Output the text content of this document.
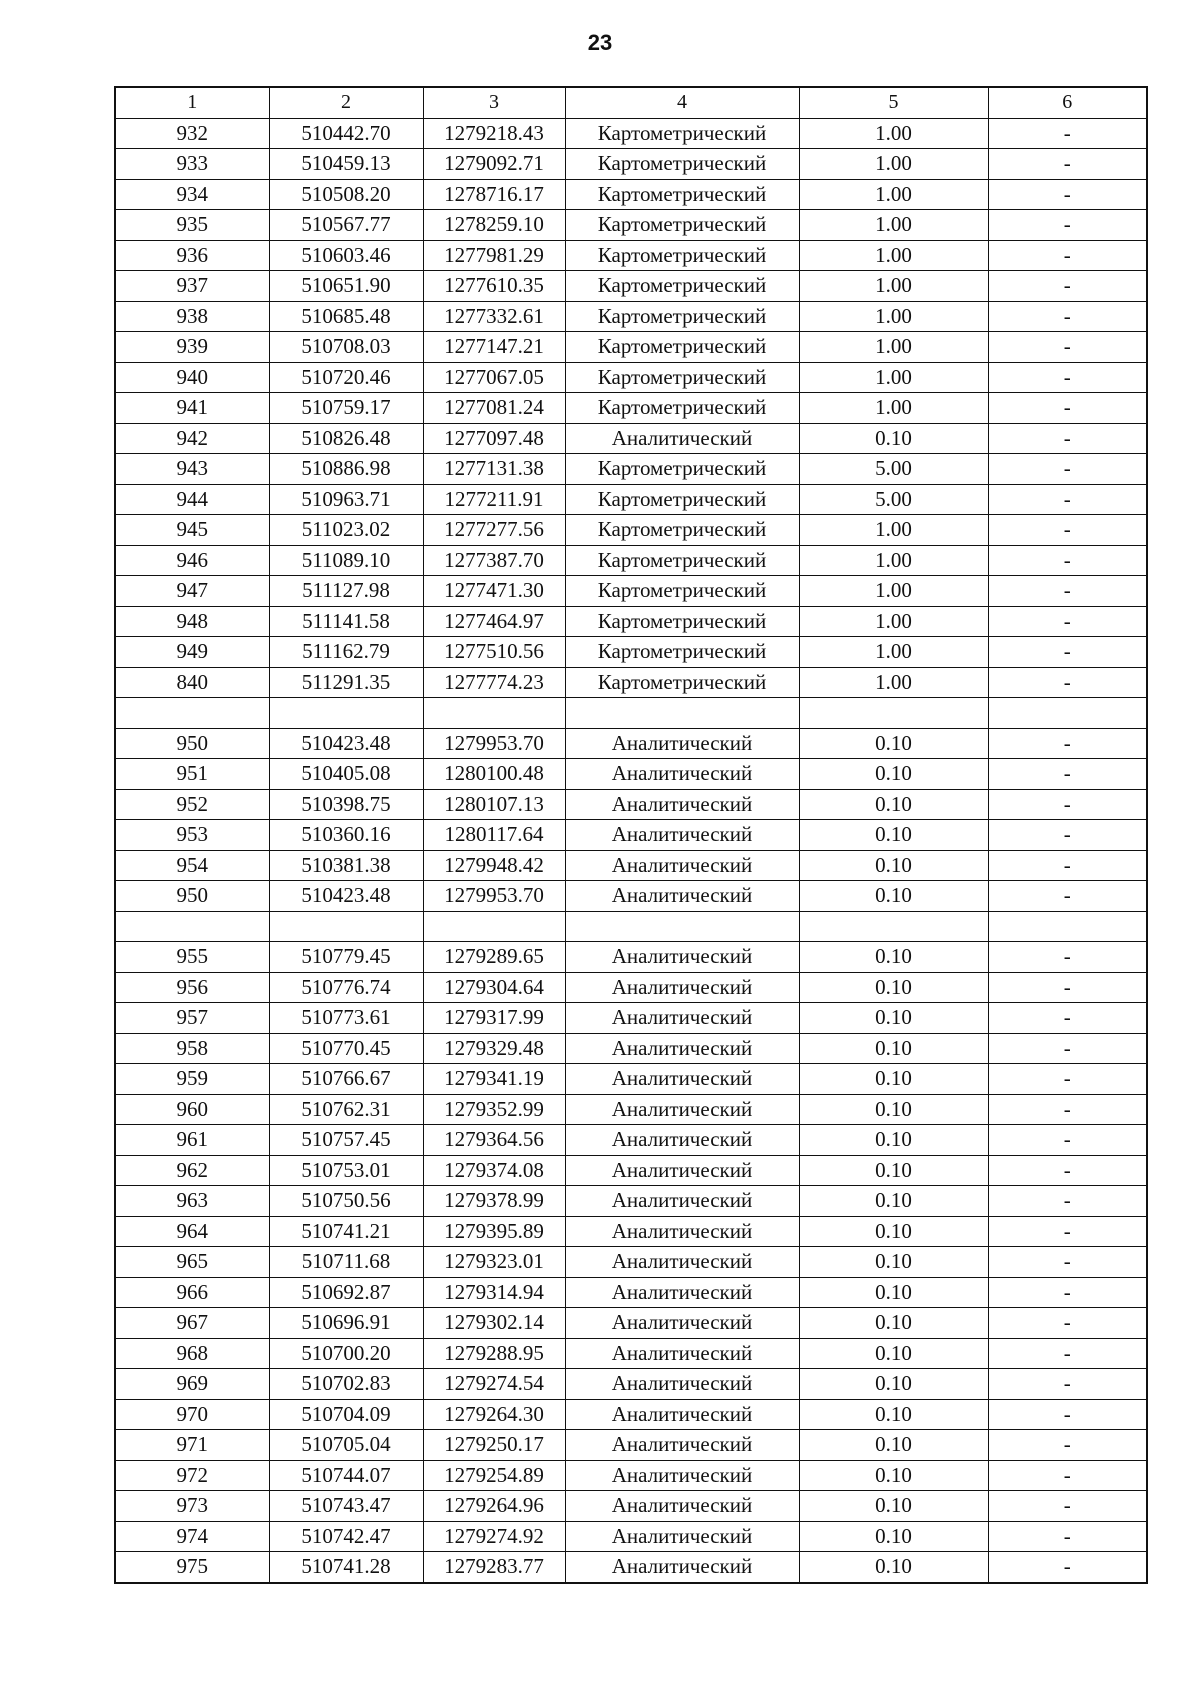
23
1	2	3	4	5	6
932	510442.70	1279218.43	Картометрический	1.00	-
933	510459.13	1279092.71	Картометрический	1.00	-
934	510508.20	1278716.17	Картометрический	1.00	-
935	510567.77	1278259.10	Картометрический	1.00	-
936	510603.46	1277981.29	Картометрический	1.00	-
937	510651.90	1277610.35	Картометрический	1.00	-
938	510685.48	1277332.61	Картометрический	1.00	-
939	510708.03	1277147.21	Картометрический	1.00	-
940	510720.46	1277067.05	Картометрический	1.00	-
941	510759.17	1277081.24	Картометрический	1.00	-
942	510826.48	1277097.48	Аналитический	0.10	-
943	510886.98	1277131.38	Картометрический	5.00	-
944	510963.71	1277211.91	Картометрический	5.00	-
945	511023.02	1277277.56	Картометрический	1.00	-
946	511089.10	1277387.70	Картометрический	1.00	-
947	511127.98	1277471.30	Картометрический	1.00	-
948	511141.58	1277464.97	Картометрический	1.00	-
949	511162.79	1277510.56	Картометрический	1.00	-
840	511291.35	1277774.23	Картометрический	1.00	-

950	510423.48	1279953.70	Аналитический	0.10	-
951	510405.08	1280100.48	Аналитический	0.10	-
952	510398.75	1280107.13	Аналитический	0.10	-
953	510360.16	1280117.64	Аналитический	0.10	-
954	510381.38	1279948.42	Аналитический	0.10	-
950	510423.48	1279953.70	Аналитический	0.10	-

955	510779.45	1279289.65	Аналитический	0.10	-
956	510776.74	1279304.64	Аналитический	0.10	-
957	510773.61	1279317.99	Аналитический	0.10	-
958	510770.45	1279329.48	Аналитический	0.10	-
959	510766.67	1279341.19	Аналитический	0.10	-
960	510762.31	1279352.99	Аналитический	0.10	-
961	510757.45	1279364.56	Аналитический	0.10	-
962	510753.01	1279374.08	Аналитический	0.10	-
963	510750.56	1279378.99	Аналитический	0.10	-
964	510741.21	1279395.89	Аналитический	0.10	-
965	510711.68	1279323.01	Аналитический	0.10	-
966	510692.87	1279314.94	Аналитический	0.10	-
967	510696.91	1279302.14	Аналитический	0.10	-
968	510700.20	1279288.95	Аналитический	0.10	-
969	510702.83	1279274.54	Аналитический	0.10	-
970	510704.09	1279264.30	Аналитический	0.10	-
971	510705.04	1279250.17	Аналитический	0.10	-
972	510744.07	1279254.89	Аналитический	0.10	-
973	510743.47	1279264.96	Аналитический	0.10	-
974	510742.47	1279274.92	Аналитический	0.10	-
975	510741.28	1279283.77	Аналитический	0.10	-
